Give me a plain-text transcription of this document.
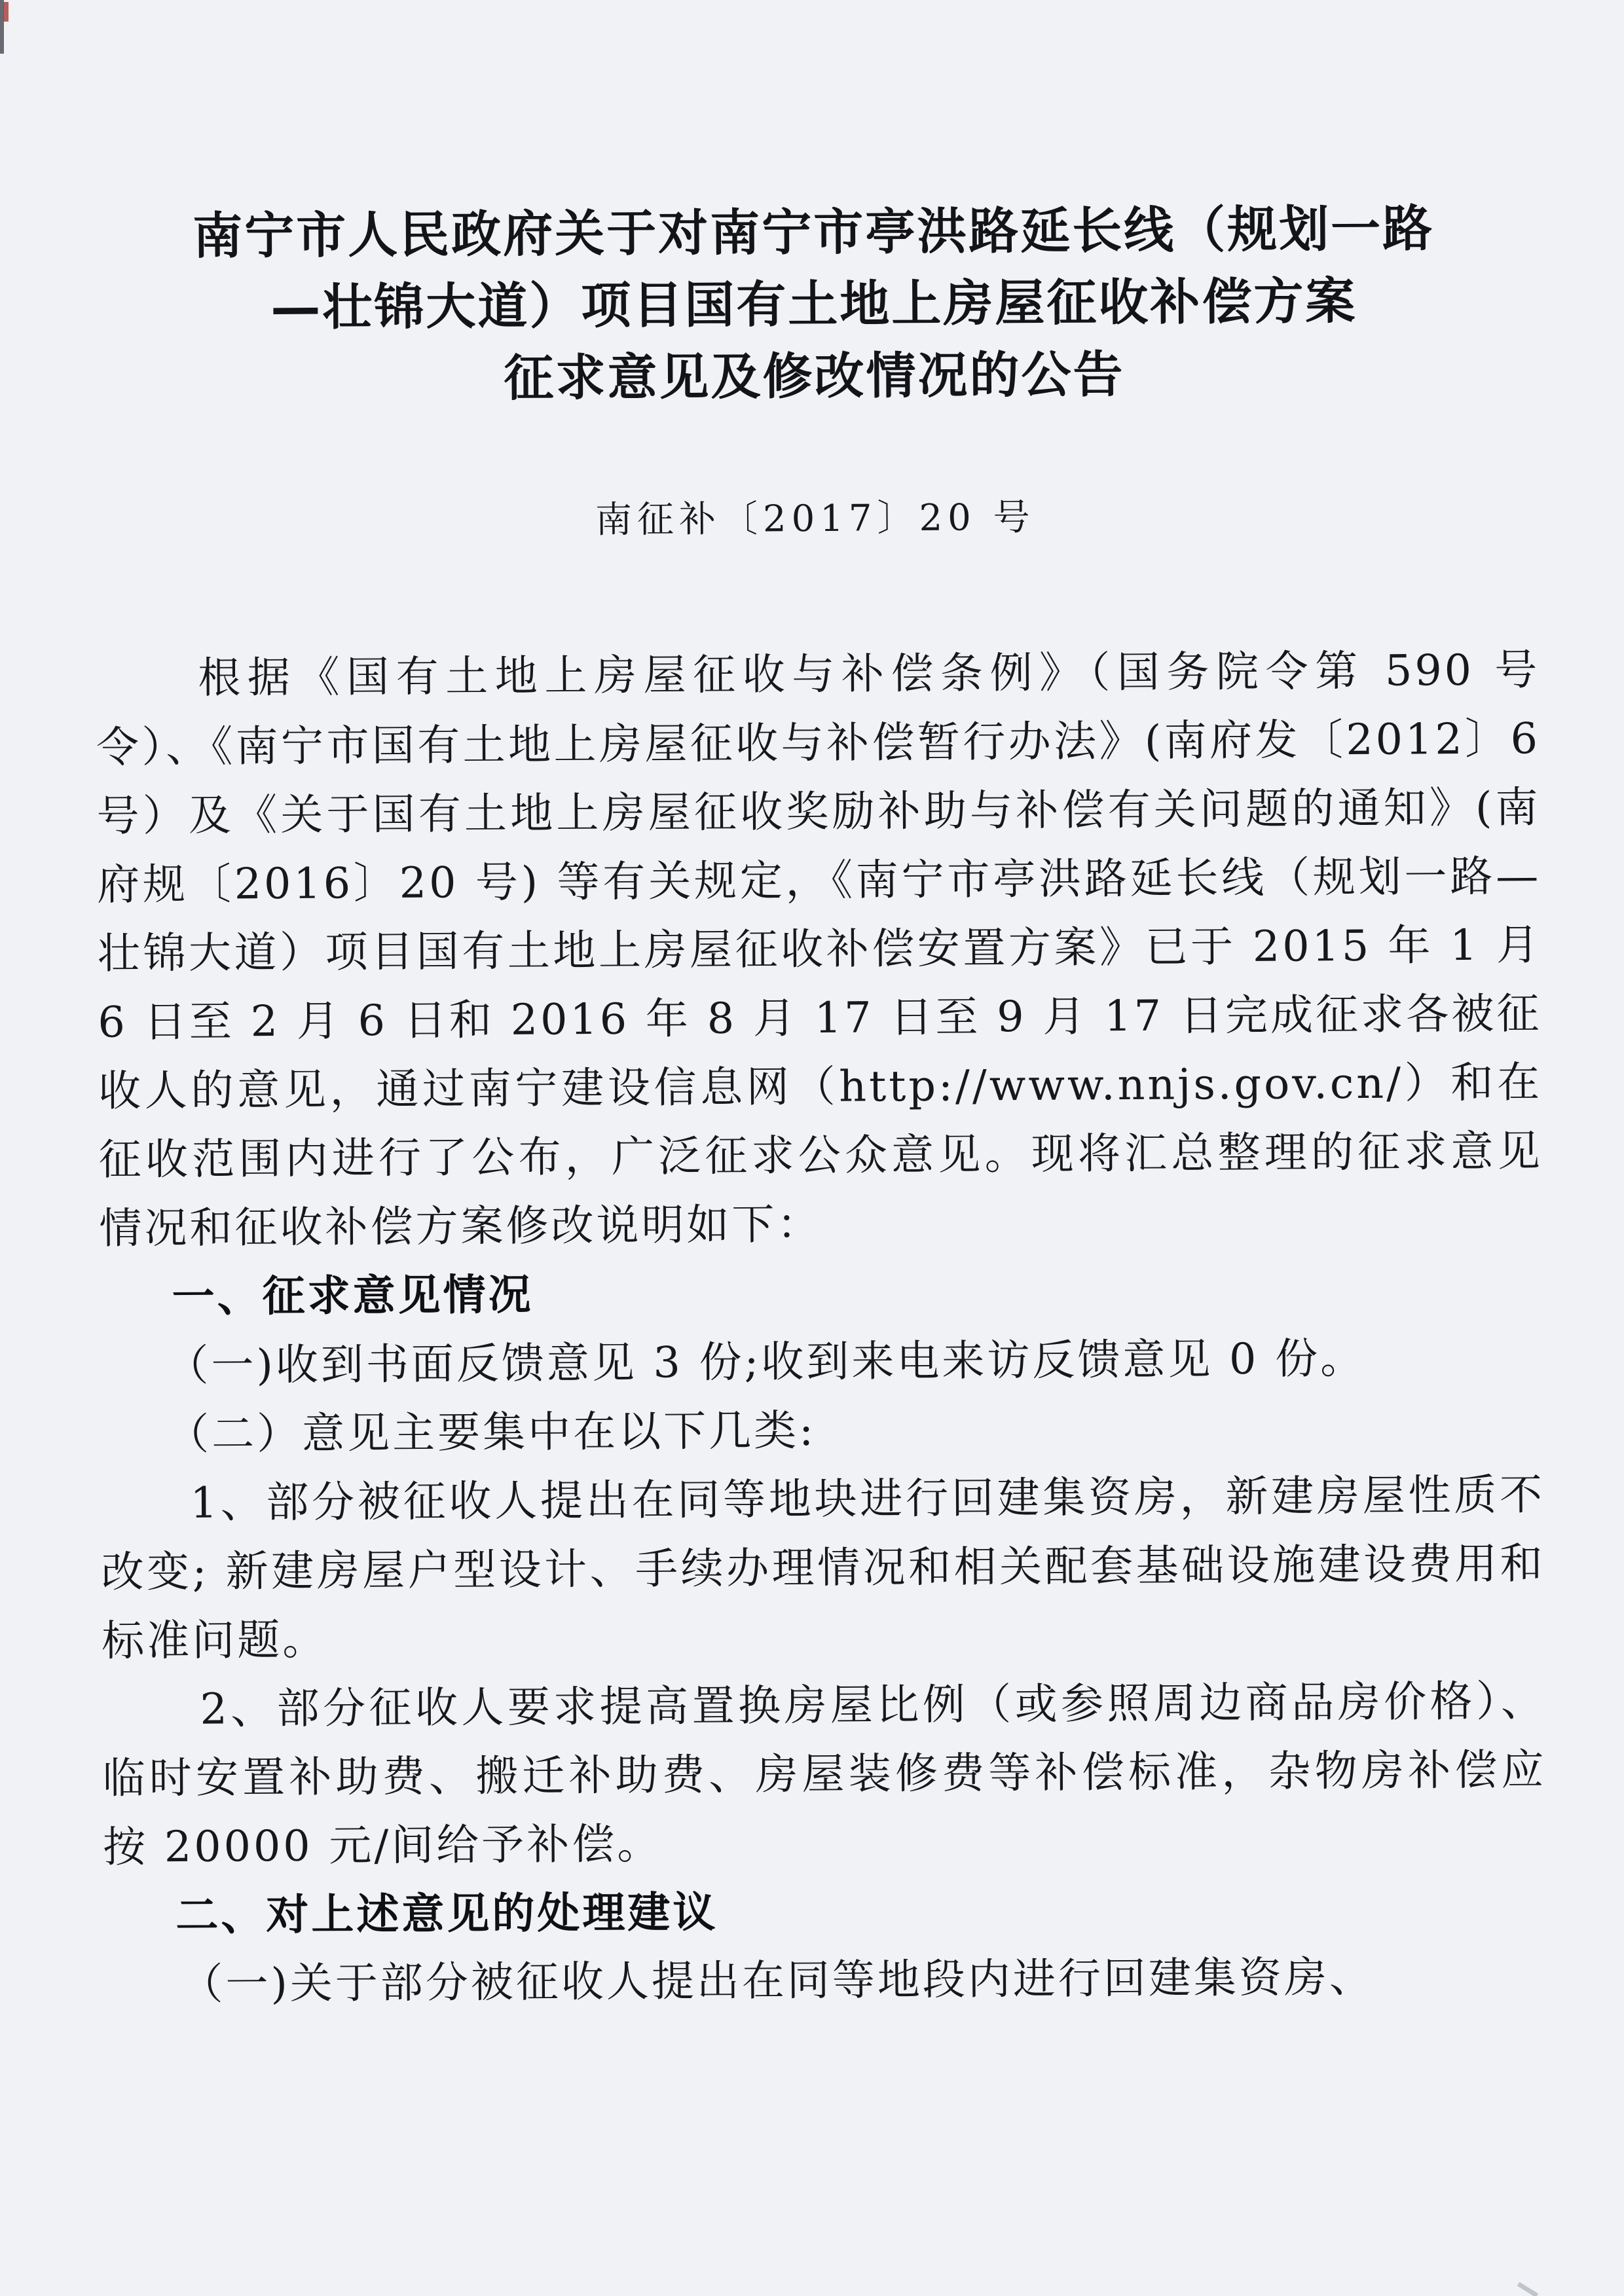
南宁市人民政府关于对南宁市亭洪路延长线（规划一路
—壮锦大道）项目国有土地上房屋征收补偿方案
征求意见及修改情况的公告
南征补〔2017〕20 号

根据《国有土地上房屋征收与补偿条例》（国务院令第 590 号令）、《南宁市国有土地上房屋征收与补偿暂行办法》(南府发〔2012〕6 号）及《关于国有土地上房屋征收奖励补助与补偿有关问题的通知》(南府规〔2016〕20 号) 等有关规定，《南宁市亭洪路延长线（规划一路—壮锦大道）项目国有土地上房屋征收补偿安置方案》已于 2015 年 1 月 6 日至 2 月 6 日和 2016 年 8 月 17 日至 9 月 17 日完成征求各被征收人的意见，通过南宁建设信息网（http://www.nnjs.gov.cn/）和在征收范围内进行了公布，广泛征求公众意见。现将汇总整理的征求意见情况和征收补偿方案修改说明如下：

一、征求意见情况

（一)收到书面反馈意见 3 份;收到来电来访反馈意见 0 份。

（二）意见主要集中在以下几类:

1、部分被征收人提出在同等地块进行回建集资房，新建房屋性质不改变; 新建房屋户型设计、手续办理情况和相关配套基础设施建设费用和标准问题。

2、部分征收人要求提高置换房屋比例（或参照周边商品房价格）、临时安置补助费、搬迁补助费、房屋装修费等补偿标准，杂物房补偿应按 20000 元/间给予补偿。

二、对上述意见的处理建议

（一)关于部分被征收人提出在同等地段内进行回建集资房、
